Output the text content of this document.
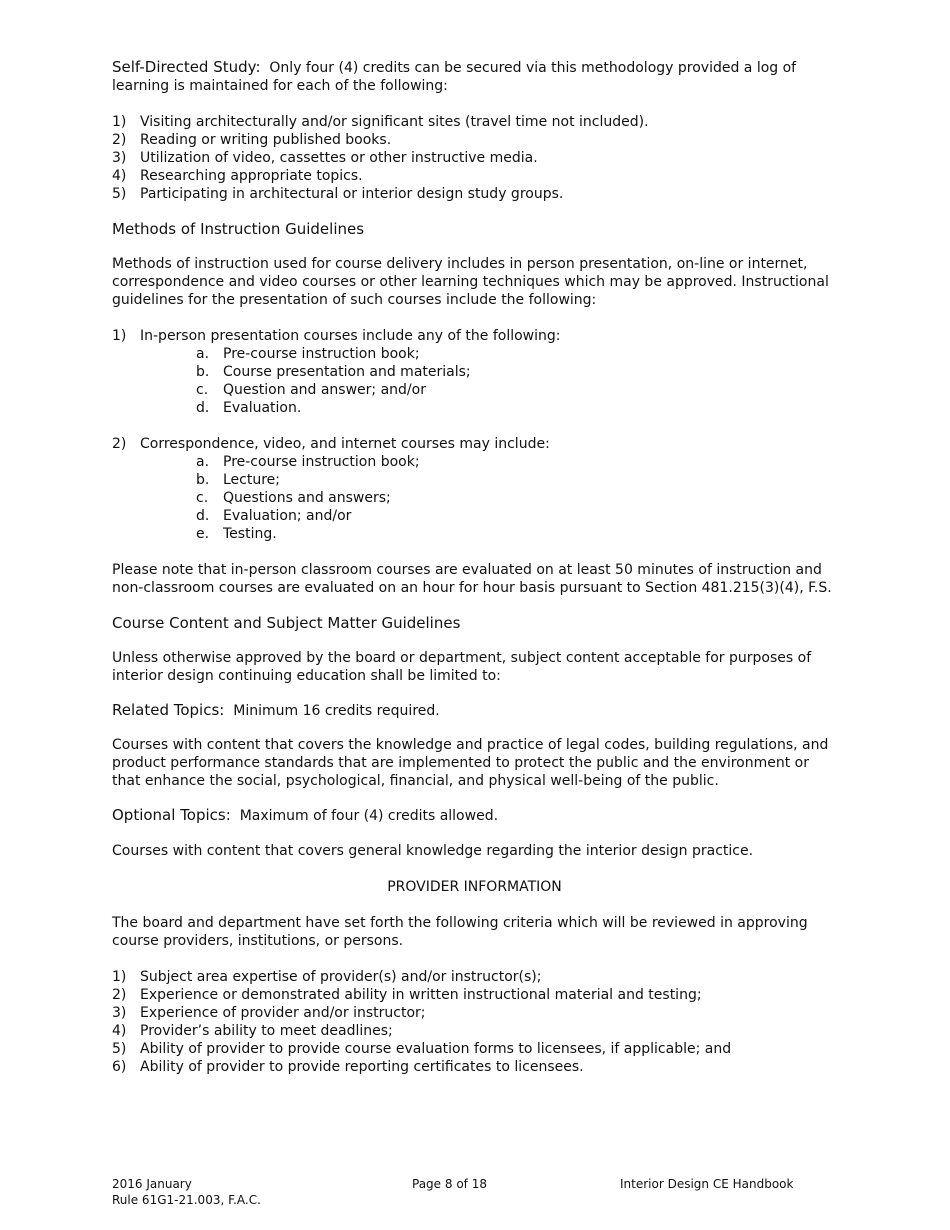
Self-Directed Study: Only four (4) credits can be secured via this methodology provided a log of learning is maintained for each of the following:

1) Visiting architecturally and/or significant sites (travel time not included).
2) Reading or writing published books.
3) Utilization of video, cassettes or other instructive media.
4) Researching appropriate topics.
5) Participating in architectural or interior design study groups.

Methods of Instruction Guidelines

Methods of instruction used for course delivery includes in person presentation, on-line or internet, correspondence and video courses or other learning techniques which may be approved. Instructional guidelines for the presentation of such courses include the following:

1) In-person presentation courses include any of the following:
a. Pre-course instruction book;
b. Course presentation and materials;
c.	Question and answer; and/or
d. Evaluation.
2) Correspondence, video, and internet courses may include:
a. Pre-course instruction book;
b. Lecture;
c.	Questions and answers;
d. Evaluation; and/or
e. Testing.

Please note that in-person classroom courses are evaluated on at least 50 minutes of instruction and non-classroom courses are evaluated on an hour for hour basis pursuant to Section 481.215(3)(4), F.S.

Course Content and Subject Matter Guidelines

Unless otherwise approved by the board or department, subject content acceptable for purposes of interior design continuing education shall be limited to:

Related Topics: Minimum 16 credits required.

Courses with content that covers the knowledge and practice of legal codes, building regulations, and product performance standards that are implemented to protect the public and the environment or that enhance the social, psychological, financial, and physical well-being of the public.

Optional Topics: Maximum of four (4) credits allowed.

Courses with content that covers general knowledge regarding the interior design practice.

PROVIDER INFORMATION

The board and department have set forth the following criteria which will be reviewed in approving course providers, institutions, or persons.

1) Subject area expertise of provider(s) and/or instructor(s);
2) Experience or demonstrated ability in written instructional material and testing;
3) Experience of provider and/or instructor;
4) Provider’s ability to meet deadlines;
5) Ability of provider to provide course evaluation forms to licensees, if applicable; and
6) Ability of provider to provide reporting certificates to licensees.
2016 January
Rule 61G1-21.003, F.A.C.
Page 8 of 18	Interior Design CE Handbook
